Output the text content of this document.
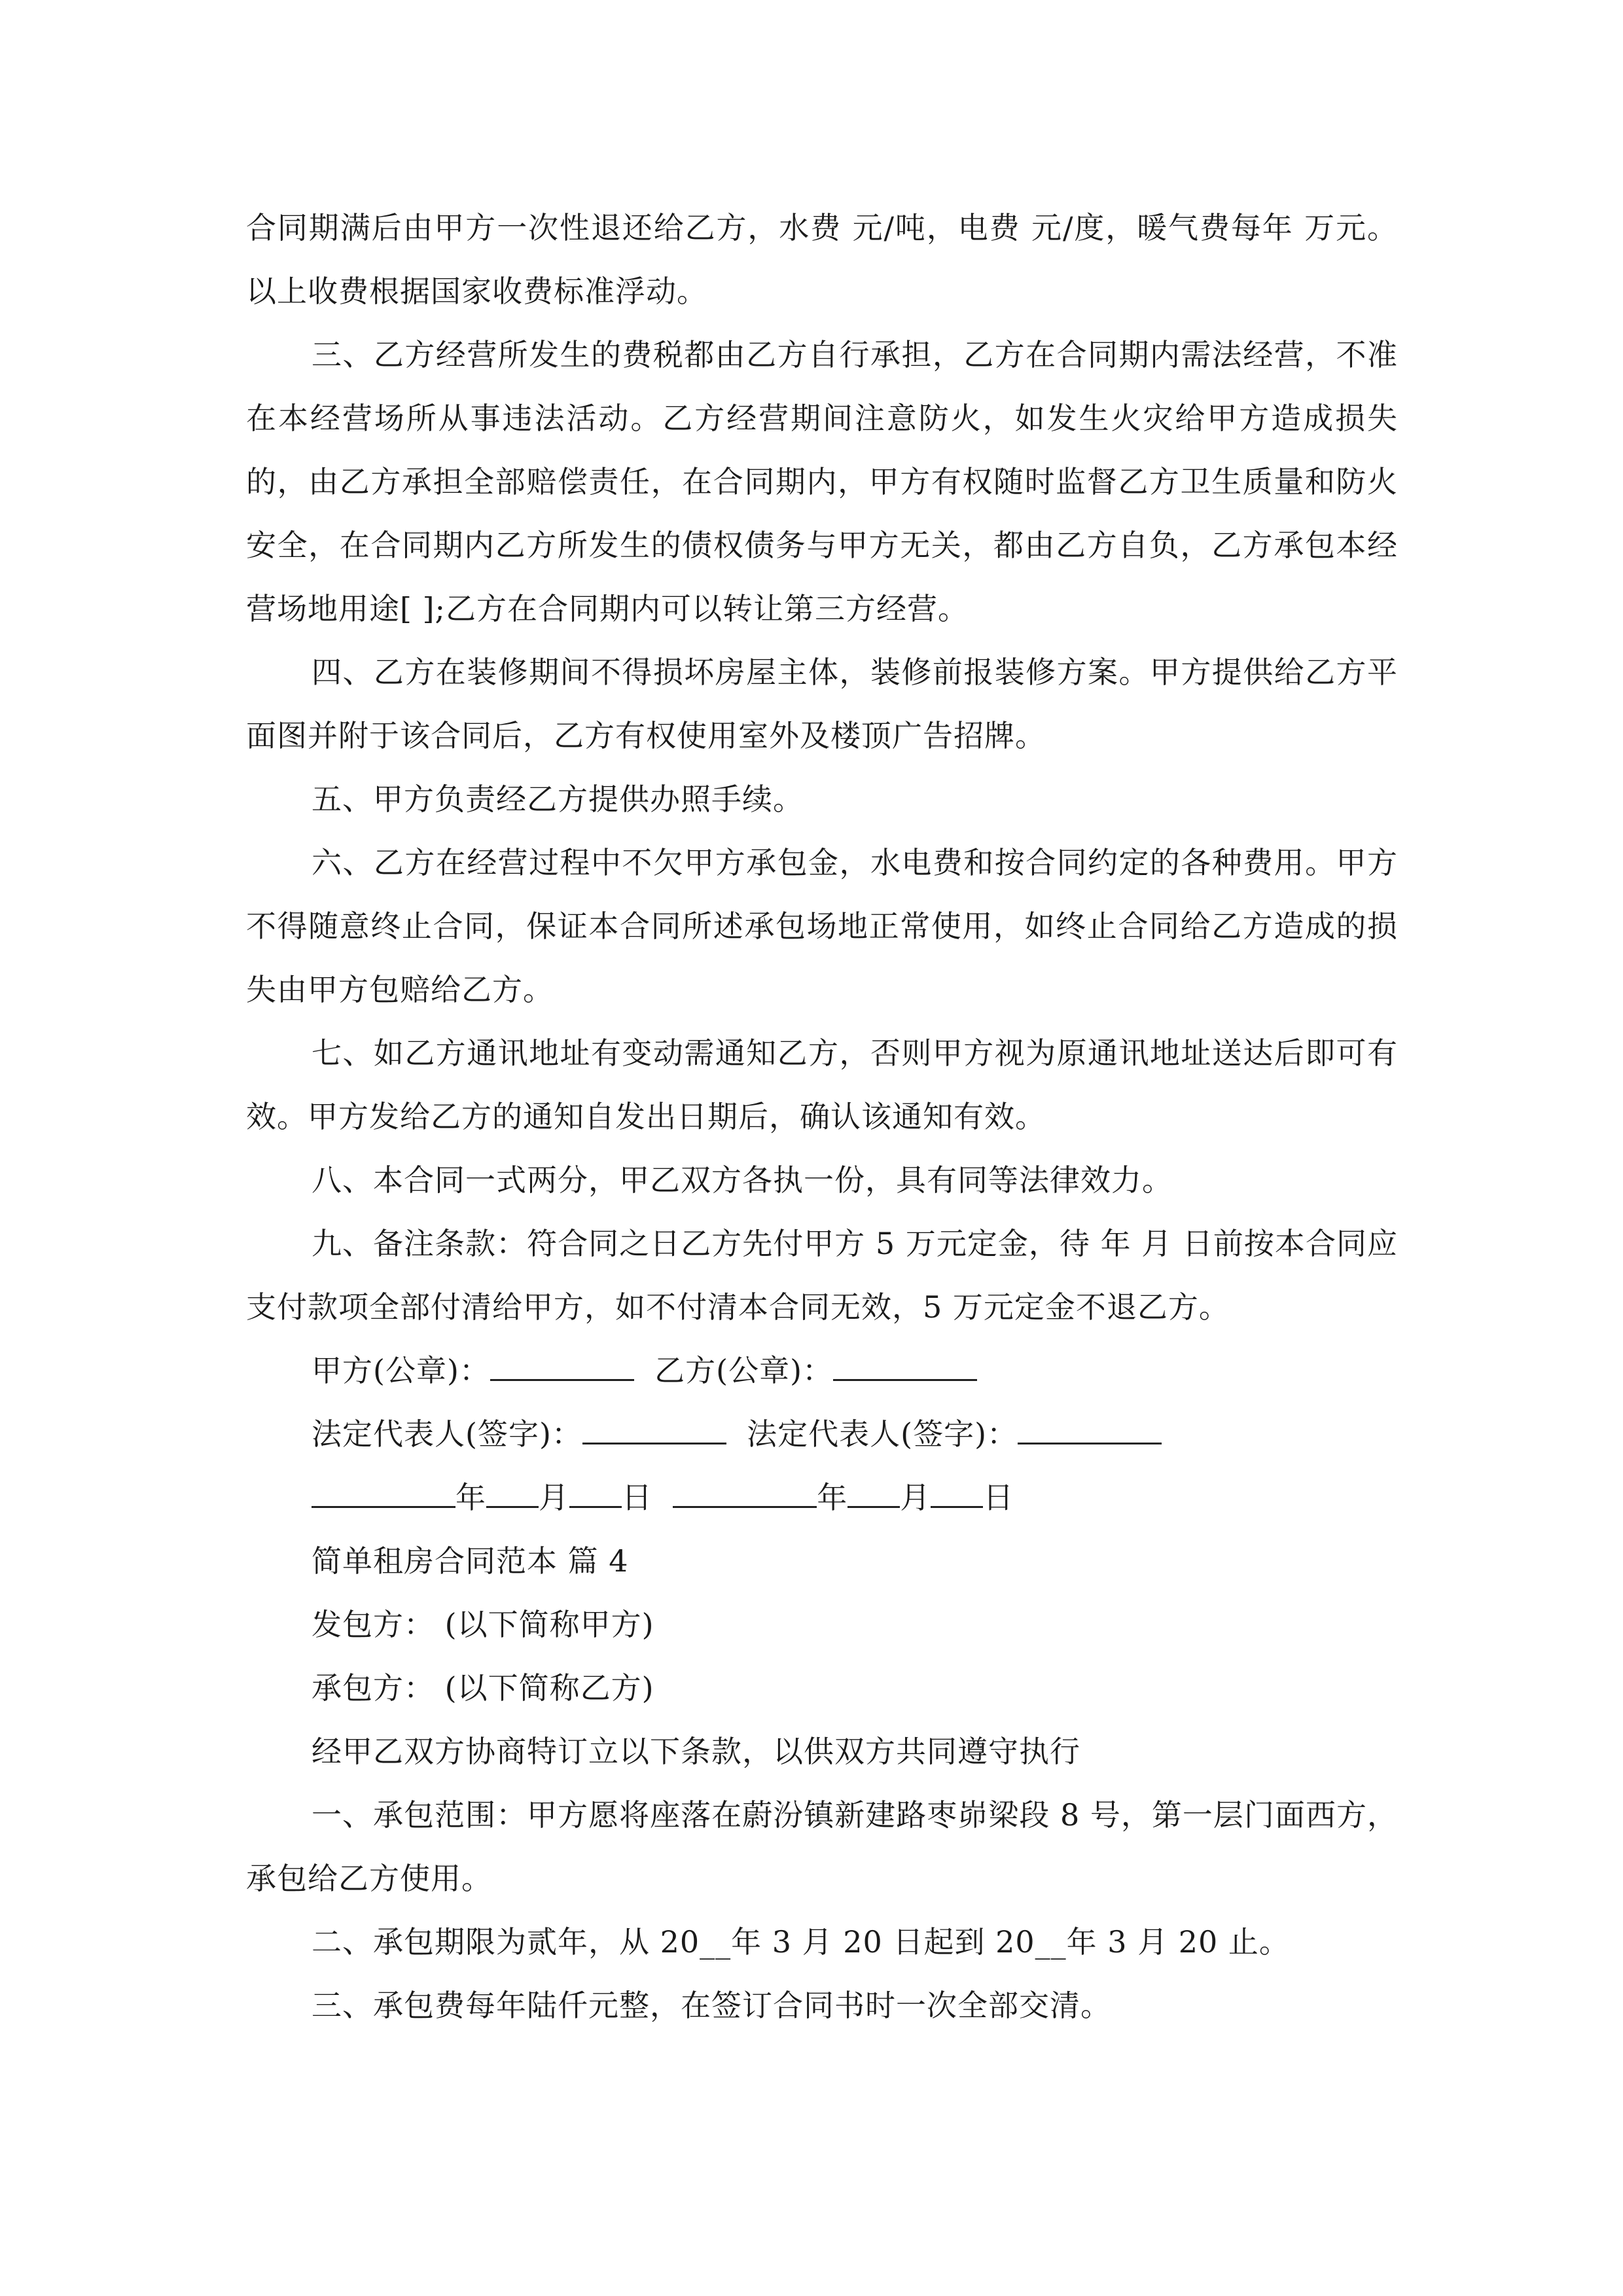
合同期满后由甲方一次性退还给乙方，水费 元/吨，电费 元/度，暖气费每年 万元。以上收费根据国家收费标准浮动。

三、乙方经营所发生的费税都由乙方自行承担，乙方在合同期内需法经营，不准在本经营场所从事违法活动。乙方经营期间注意防火，如发生火灾给甲方造成损失的，由乙方承担全部赔偿责任，在合同期内，甲方有权随时监督乙方卫生质量和防火安全，在合同期内乙方所发生的债权债务与甲方无关，都由乙方自负，乙方承包本经营场地用途[ ];乙方在合同期内可以转让第三方经营。

四、乙方在装修期间不得损坏房屋主体，装修前报装修方案。甲方提供给乙方平面图并附于该合同后，乙方有权使用室外及楼顶广告招牌。

五、甲方负责经乙方提供办照手续。

六、乙方在经营过程中不欠甲方承包金，水电费和按合同约定的各种费用。甲方不得随意终止合同，保证本合同所述承包场地正常使用，如终止合同给乙方造成的损失由甲方包赔给乙方。

七、如乙方通讯地址有变动需通知乙方，否则甲方视为原通讯地址送达后即可有效。甲方发给乙方的通知自发出日期后，确认该通知有效。

八、本合同一式两分，甲乙双方各执一份，具有同等法律效力。

九、备注条款：符合同之日乙方先付甲方 5 万元定金，待 年 月 日前按本合同应支付款项全部付清给甲方，如不付清本合同无效，5 万元定金不退乙方。

甲方(公章)：	乙方(公章)：

法定代表人(签字)：	法定代表人(签字)：

年 月 日	年 月 日

简单租房合同范本 篇 4

发包方： (以下简称甲方)

承包方： (以下简称乙方)

经甲乙双方协商特订立以下条款，以供双方共同遵守执行

一、承包范围：甲方愿将座落在蔚汾镇新建路枣峁梁段 8 号，第一层门面西方，承包给乙方使用。

二、承包期限为贰年，从 20__年 3 月 20 日起到 20__年 3 月 20 止。

三、承包费每年陆仟元整，在签订合同书时一次全部交清。
